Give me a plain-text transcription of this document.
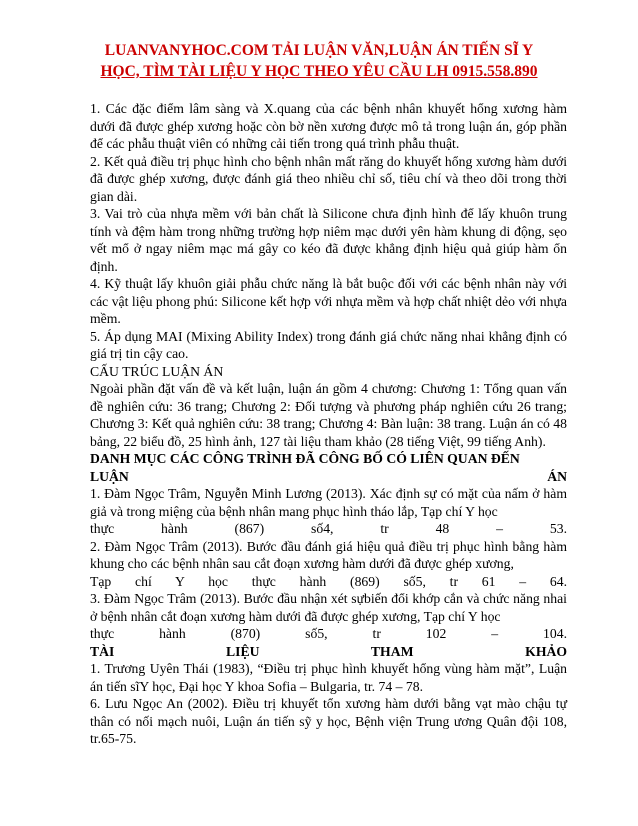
LUANVANYHOC.COM TẢI LUẬN VĂN,LUẬN ÁN TIẾN SĨ Y
HỌC, TÌM TÀI LIỆU Y HỌC THEO YÊU CẦU LH 0915.558.890

1. Các đặc điểm lâm sàng và X.quang của các bệnh nhân khuyết hổng xương hàm dưới đã được ghép xương hoặc còn bờ nền xương được mô tả trong luận án, góp phần để các phẫu thuật viên có những cải tiến trong quá trình phẫu thuật.

2. Kết quả điều trị phục hình cho bệnh nhân mất răng do khuyết hổng xương hàm dưới đã được ghép xương, được đánh giá theo nhiều chỉ số, tiêu chí và theo dõi trong thời gian dài.

3. Vai trò của nhựa mềm với bản chất là Silicone chưa định hình để lấy khuôn trung tính và đệm hàm trong những trường hợp niêm mạc dưới yên hàm khung di động, sẹo vết mổ ở ngay niêm mạc má gây co kéo đã được khẳng định hiệu quả giúp hàm ổn định.

4. Kỹ thuật lấy khuôn giải phẫu chức năng là bắt buộc đối với các bệnh nhân này với các vật liệu phong phú: Silicone kết hợp với nhựa mềm và hợp chất nhiệt dẻo với nhựa mềm.

5. Áp dụng MAI (Mixing Ability Index) trong đánh giá chức năng nhai khẳng định có giá trị tin cậy cao.

CẤU TRÚC LUẬN ÁN

Ngoài phần đặt vấn đề và kết luận, luận án gồm 4 chương: Chương 1: Tổng quan vấn đề nghiên cứu: 36 trang; Chương 2: Đối tượng và phương pháp nghiên cứu 26 trang; Chương 3: Kết quả nghiên cứu: 38 trang; Chương 4: Bàn luận: 38 trang. Luận án có 48 bảng, 22 biểu đồ, 25 hình ảnh, 127 tài liệu tham khảo (28 tiếng Việt, 99 tiếng Anh).

DANH MỤC CÁC CÔNG TRÌNH ĐÃ CÔNG BỐ CÓ LIÊN QUAN ĐẾN

LUẬN ÁN

1. Đàm Ngọc Trâm, Nguyễn Minh Lương (2013). Xác định sự có mặt của nấm ở hàm giả và trong miệng của bệnh nhân mang phục hình tháo lắp, Tạp chí Y học

thực hành (867) số4, tr 48 – 53.

2. Đàm Ngọc Trâm (2013). Bước đầu đánh giá hiệu quả điều trị phục hình bằng hàm khung cho các bệnh nhân sau cắt đoạn xương hàm dưới đã được ghép xương,

Tạp chí Y học thực hành (869) số5, tr 61 – 64.

3. Đàm Ngọc Trâm (2013). Bước đầu nhận xét sựbiến đổi khớp cắn và chức năng nhai ở bệnh nhân cắt đoạn xương hàm dưới đã được ghép xương, Tạp chí Y học

thực hành (870) số5, tr 102 – 104.

TÀI LIỆU THAM KHẢO

1. Trương Uyên Thái (1983), “Điều trị phục hình khuyết hổng vùng hàm mặt”, Luận án tiến sĩY học, Đại học Y khoa Sofia – Bulgaria, tr. 74 – 78.

6. Lưu Ngọc An (2002). Điều trị khuyết tổn xương hàm dưới bằng vạt mào chậu tự thân có nối mạch nuôi, Luận án tiến sỹ y học, Bệnh viện Trung ương Quân đội 108, tr.65-75.
